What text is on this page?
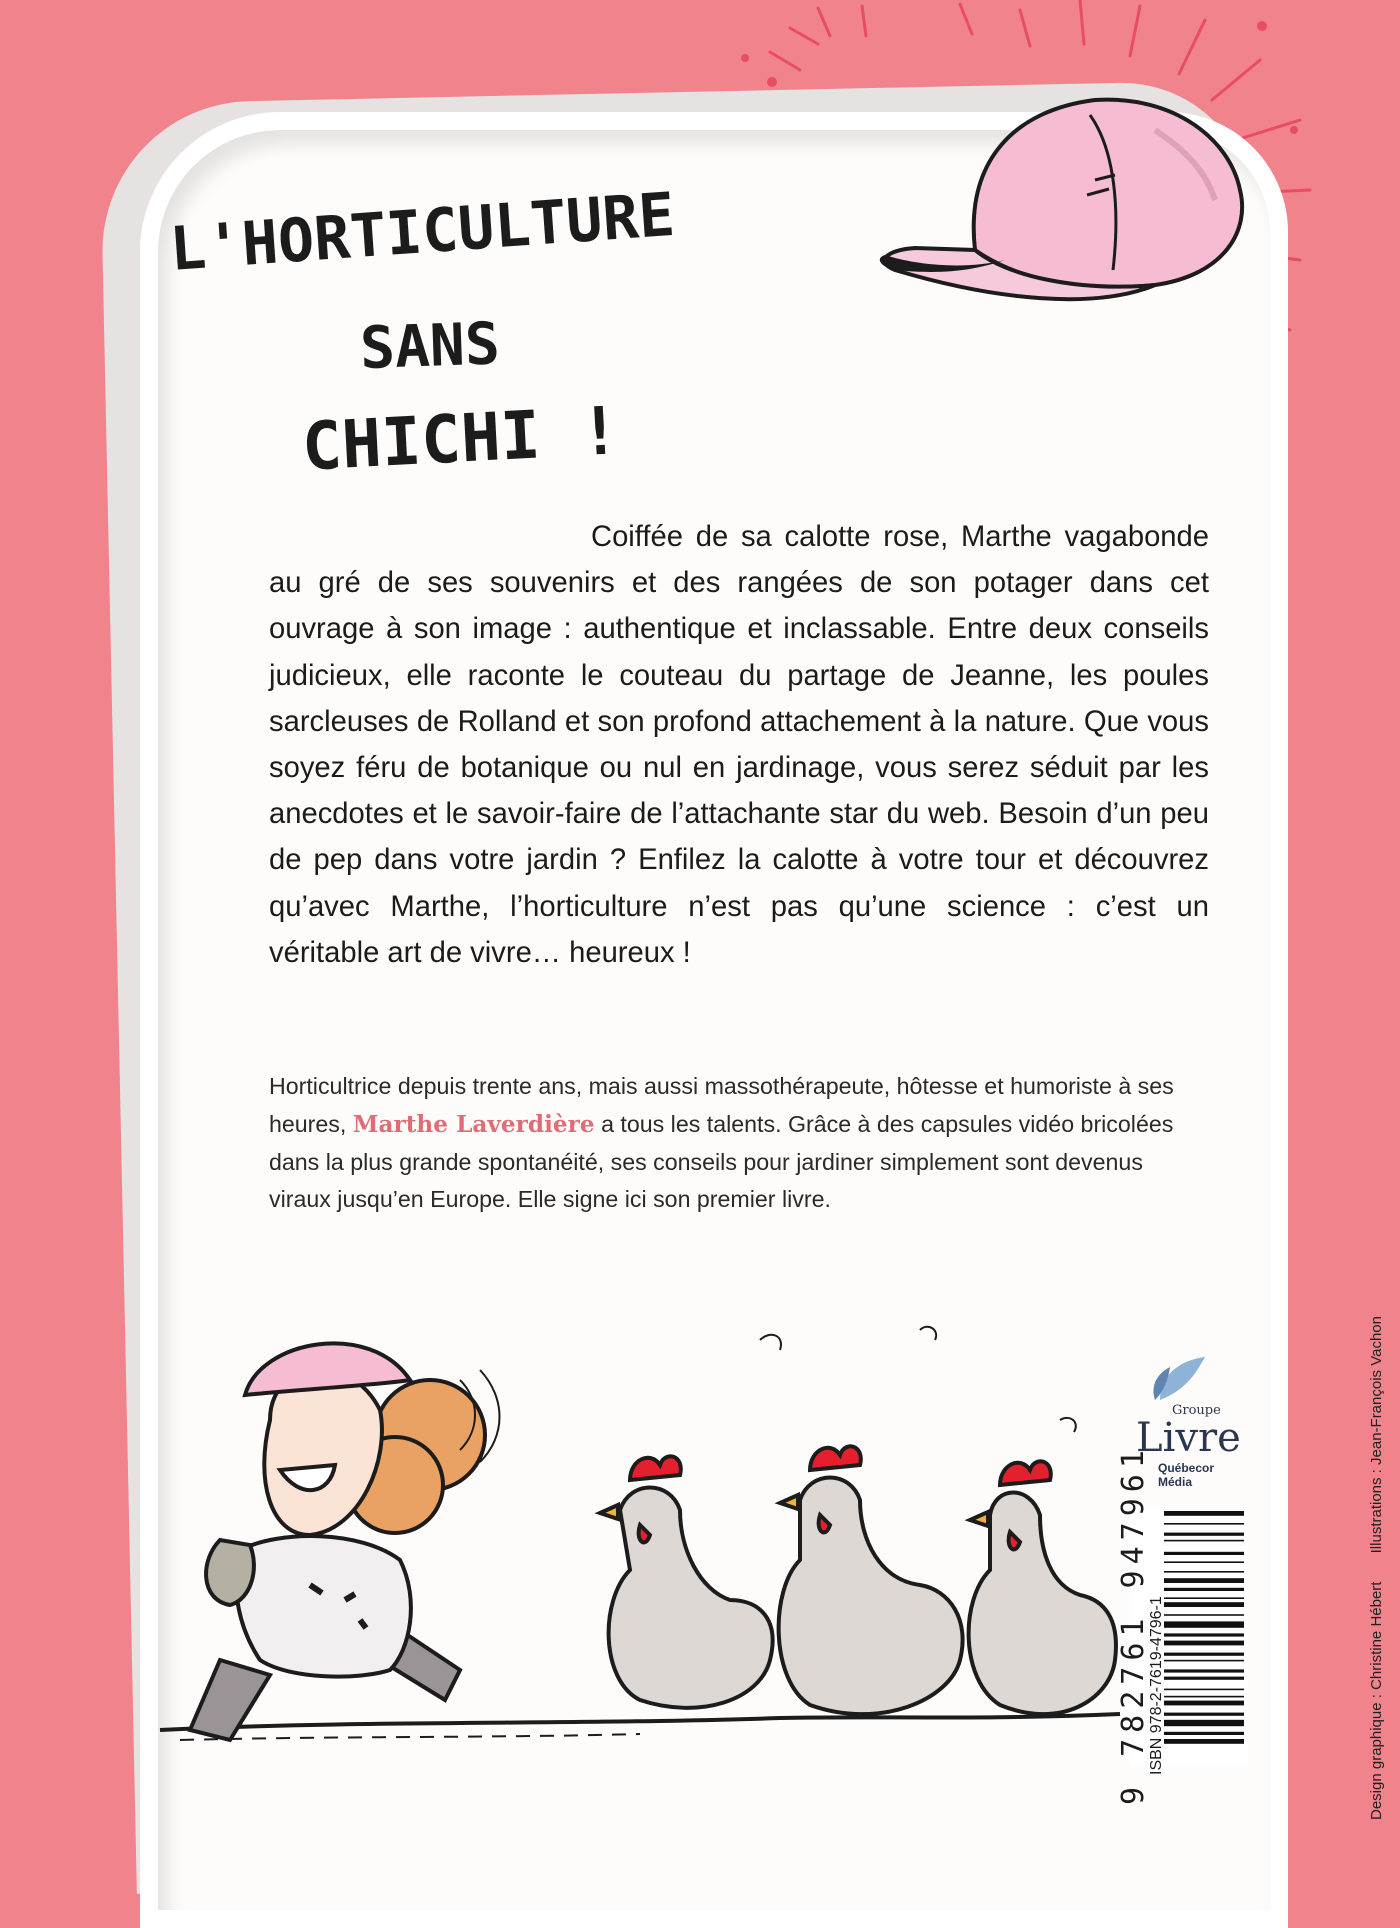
L'HORTICULTURE
SANS
CHICHI !

Coiffée de sa calotte rose, Marthe vagabonde au gré de ses souvenirs et des rangées de son potager dans cet ouvrage à son image : authentique et inclassable. Entre deux conseils judicieux, elle raconte le couteau du partage de Jeanne, les poules sarcleuses de Rolland et son profond attachement à la nature. Que vous soyez féru de botanique ou nul en jardinage, vous serez séduit par les anecdotes et le savoir-faire de l’attachante star du web. Besoin d’un peu de pep dans votre jardin ? Enfilez la calotte à votre tour et découvrez qu’avec Marthe, l’horticulture n’est pas qu’une science : c’est un véritable art de vivre… heureux !

Horticultrice depuis trente ans, mais aussi massothérapeute, hôtesse et humoriste à ses heures, Marthe Laverdière a tous les talents. Grâce à des capsules vidéo bricolées dans la plus grande spontanéité, ses conseils pour jardiner simplement sont devenus viraux jusqu’en Europe. Elle signe ici son premier livre.

Groupe
Livre
Québecor Média
ISBN 978-2-7619-4796-1
9 782761 947961	Design graphique : Christine Hébert Illustrations : Jean-François Vachon
